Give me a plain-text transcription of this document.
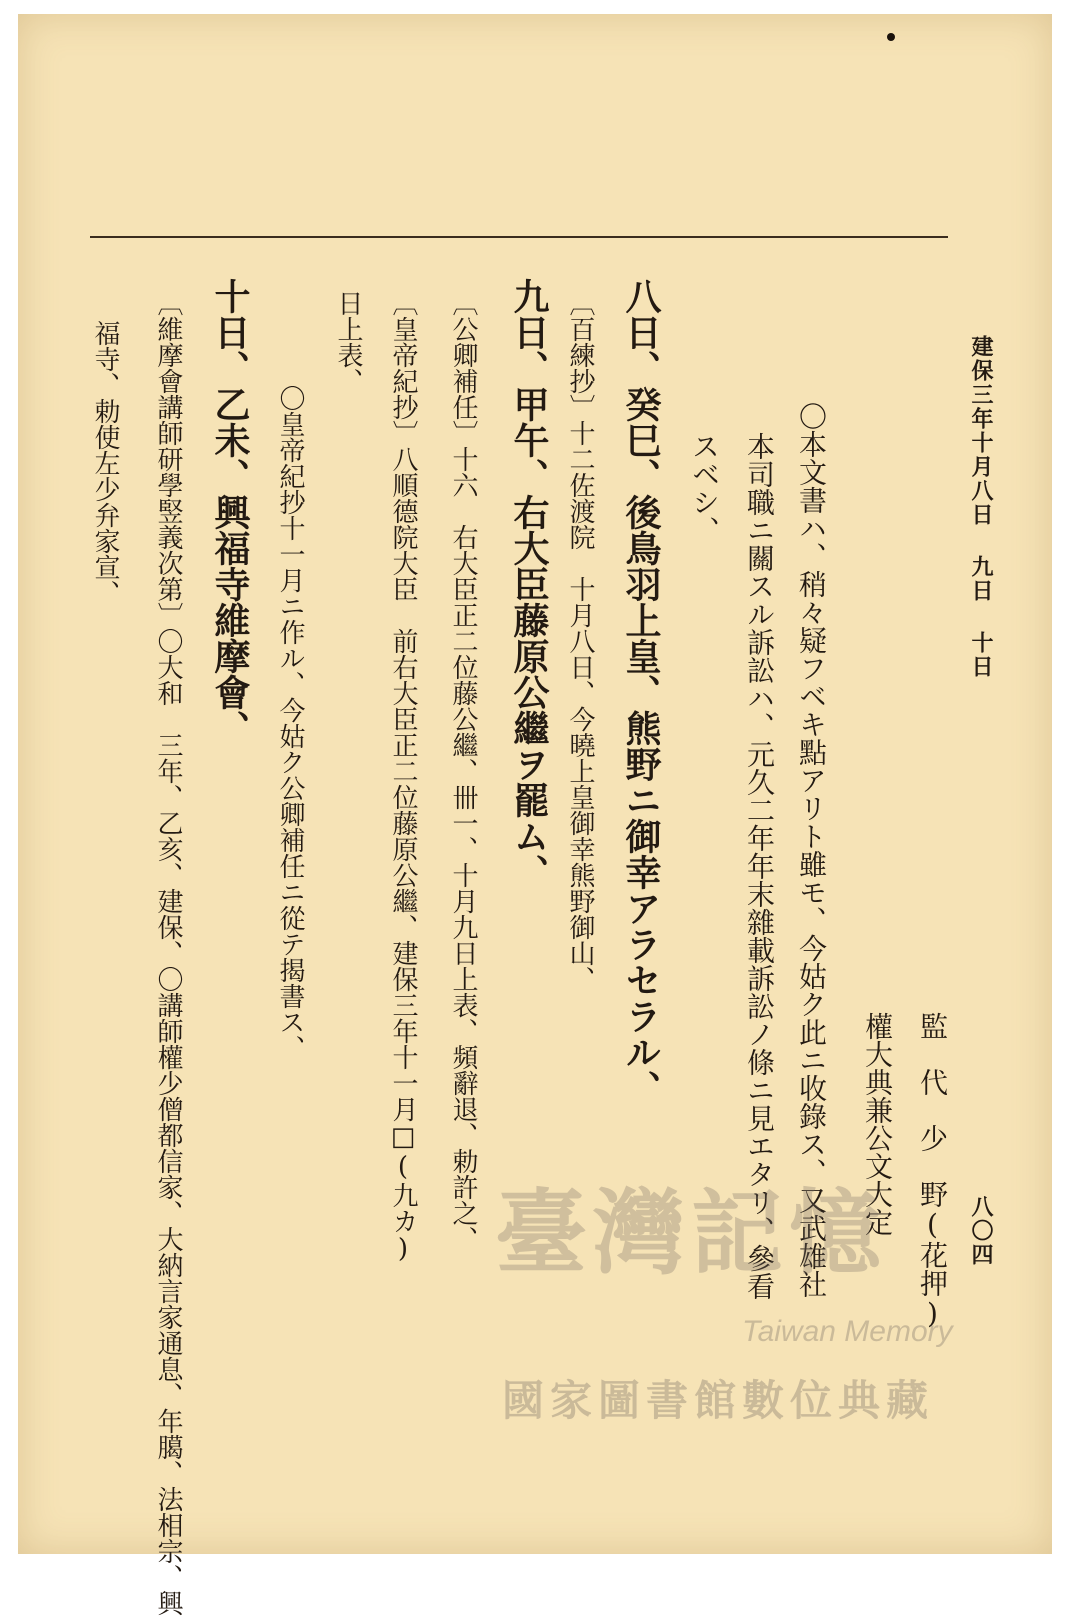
建保三年十月八日 九日 十日
八〇四
監　代　少　野(花押)
權大典兼公文大定
〇本文書ハ、稍々疑フベキ點アリト雖モ、今姑ク此ニ收錄ス、又武雄社
本司職ニ關スル訴訟ハ、元久二年年末雜載訴訟ノ條ニ見エタリ、參看
スベシ、
八日、癸巳、後鳥羽上皇、熊野ニ御幸アラセラル、
〔百練抄〕十二佐渡院　十月八日、今曉上皇御幸熊野御山、
九日、甲午、右大臣藤原公繼ヲ罷ム、
〔公卿補任〕十六　右大臣正二位藤公繼、卌一、十月九日上表、頻辭退、勅許之、
〔皇帝紀抄〕八順德院大臣　前右大臣正二位藤原公繼、建保三年十一月□(九カ)
日上表、
〇皇帝紀抄十一月ニ作ル、今姑ク公卿補任ニ從テ揭書ス、
十日、乙未、興福寺維摩會、
〔維摩會講師研學竪義次第〕〇大和　三年、乙亥、建保、〇講師權少僧都信家、大納言家通息、年臈、法相宗、興
福寺、勅使左少弁家宣、
臺灣記憶
Taiwan Memory
國家圖書館數位典藏
